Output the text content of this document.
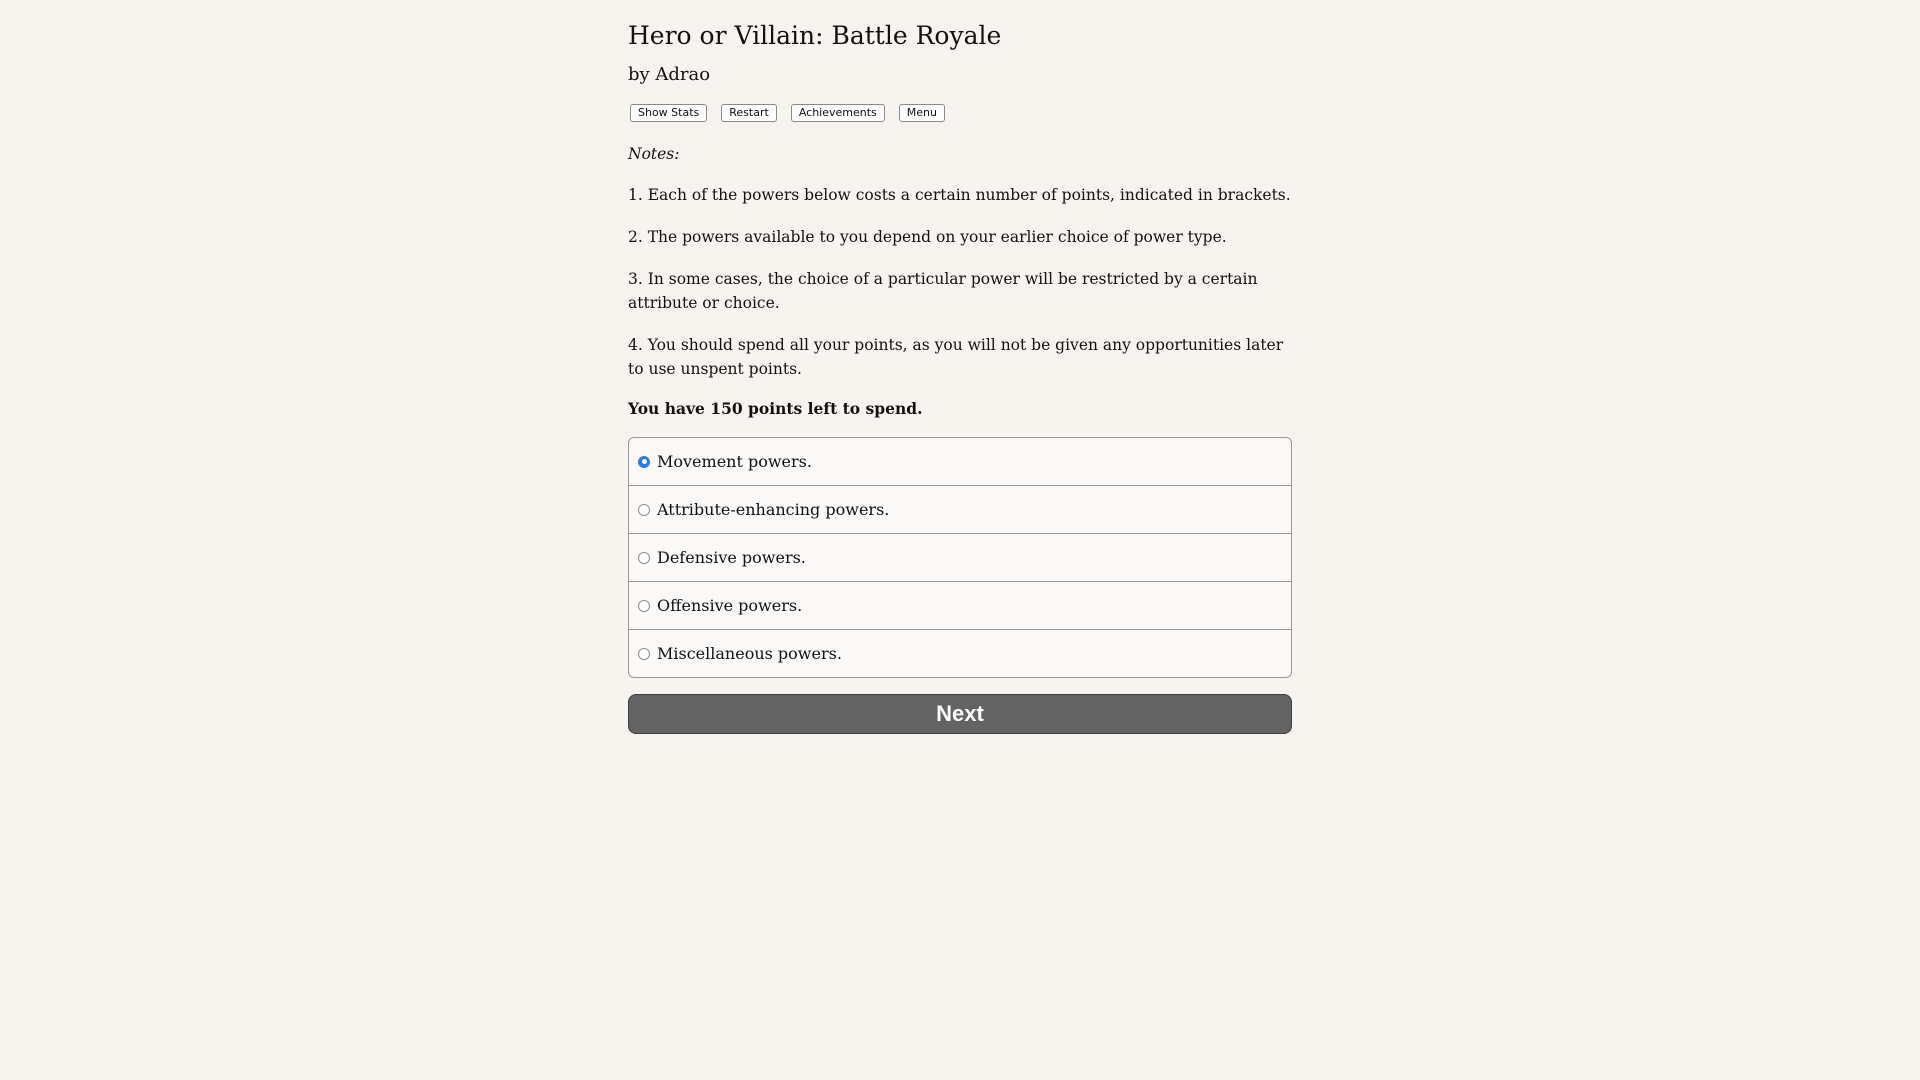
Hero or Villain: Battle Royale
by Adrao
Show Stats	Restart	Achievements	Menu

Notes:

1. Each of the powers below costs a certain number of points, indicated in brackets.

2. The powers available to you depend on your earlier choice of power type.

3. In some cases, the choice of a particular power will be restricted by a certain attribute or choice.

4. You should spend all your points, as you will not be given any opportunities later to use unspent points.

You have 150 points left to spend.

Movement powers.
Attribute-enhancing powers.
Defensive powers.
Offensive powers.
Miscellaneous powers.
Next
